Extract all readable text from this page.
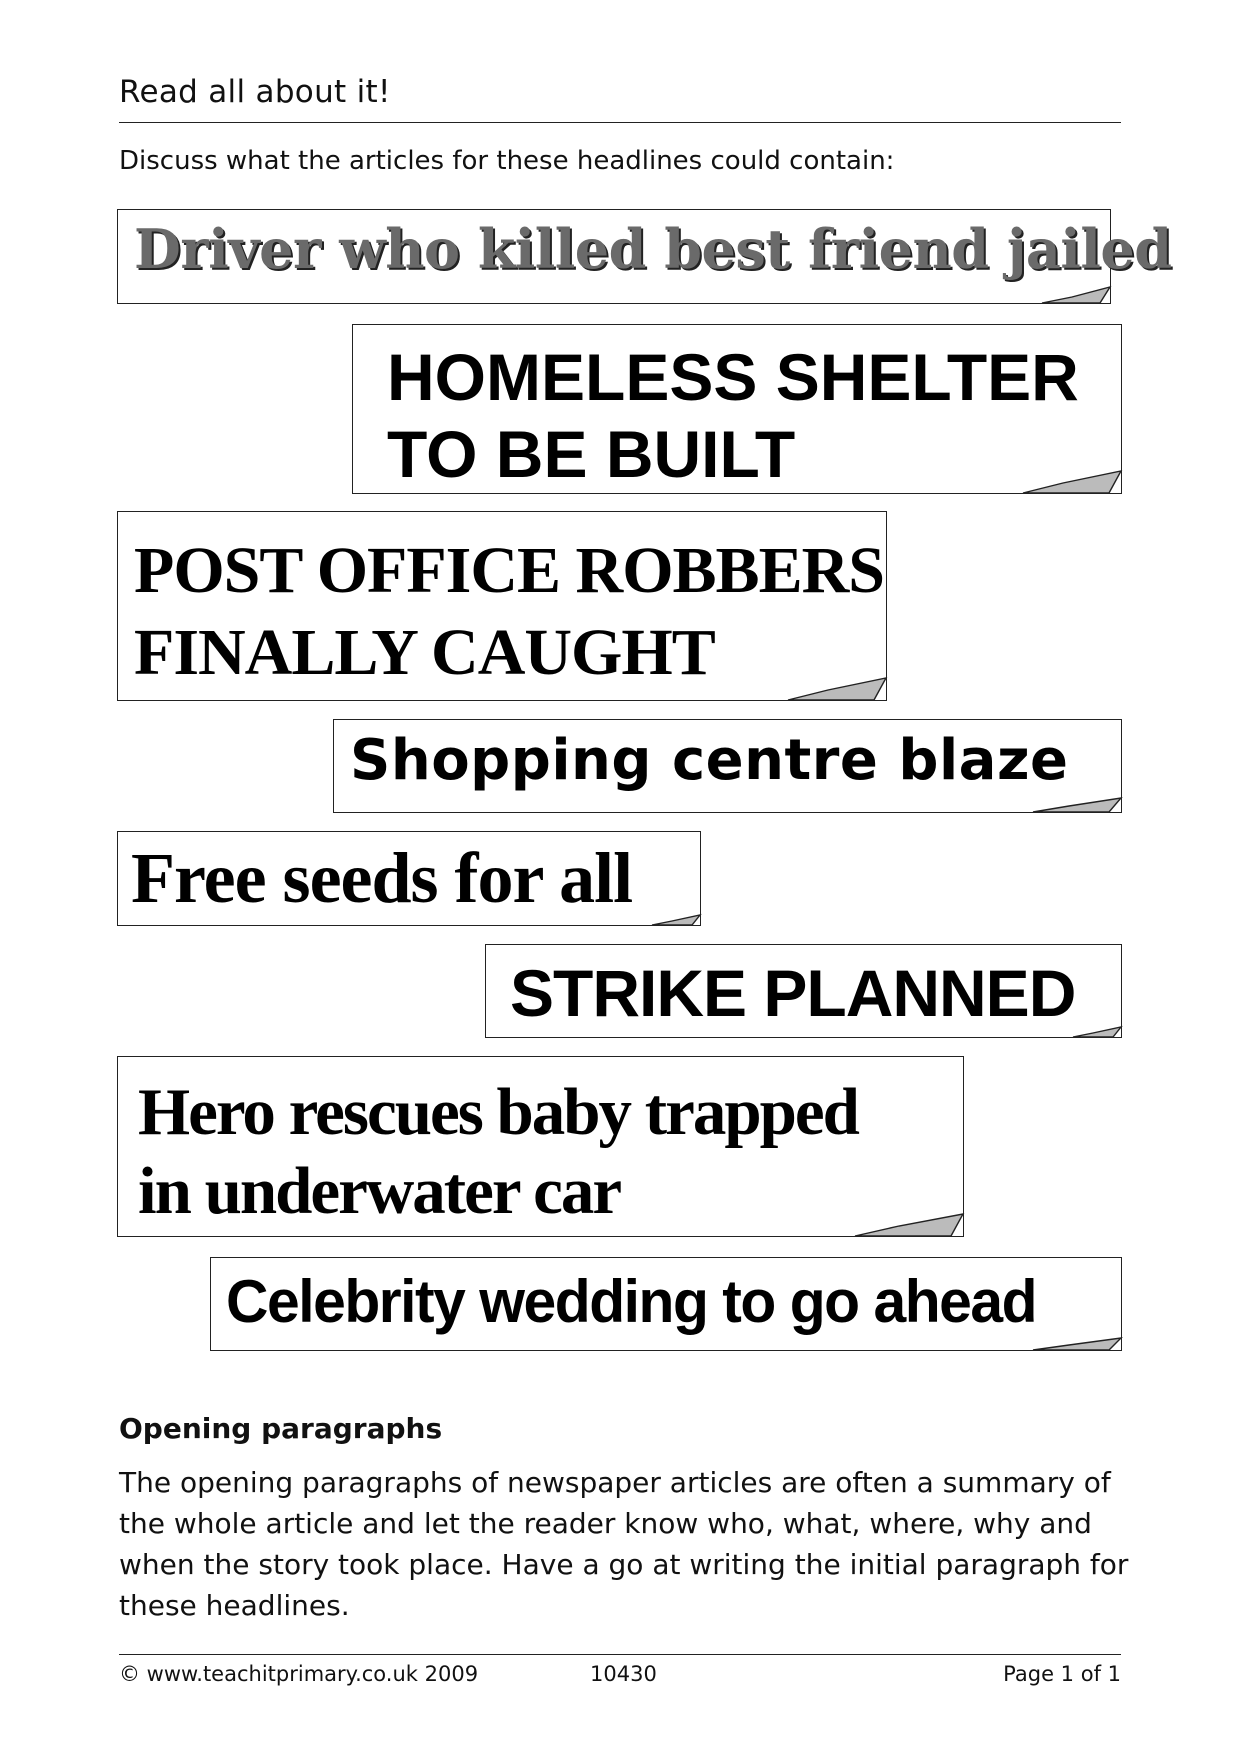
Read all about it!
Discuss what the articles for these headlines could contain:
Driver who killed best friend jailed
HOMELESS SHELTER
TO BE BUILT
POST OFFICE ROBBERS
FINALLY CAUGHT
Shopping centre blaze
Free seeds for all
STRIKE PLANNED
Hero rescues baby trapped
in underwater car
Celebrity wedding to go ahead
Opening paragraphs
The opening paragraphs of newspaper articles are often a summary of the whole article and let the reader know who, what, where, why and when the story took place. Have a go at writing the initial paragraph for these headlines.
© www.teachitprimary.co.uk 2009	10430	Page 1 of 1
